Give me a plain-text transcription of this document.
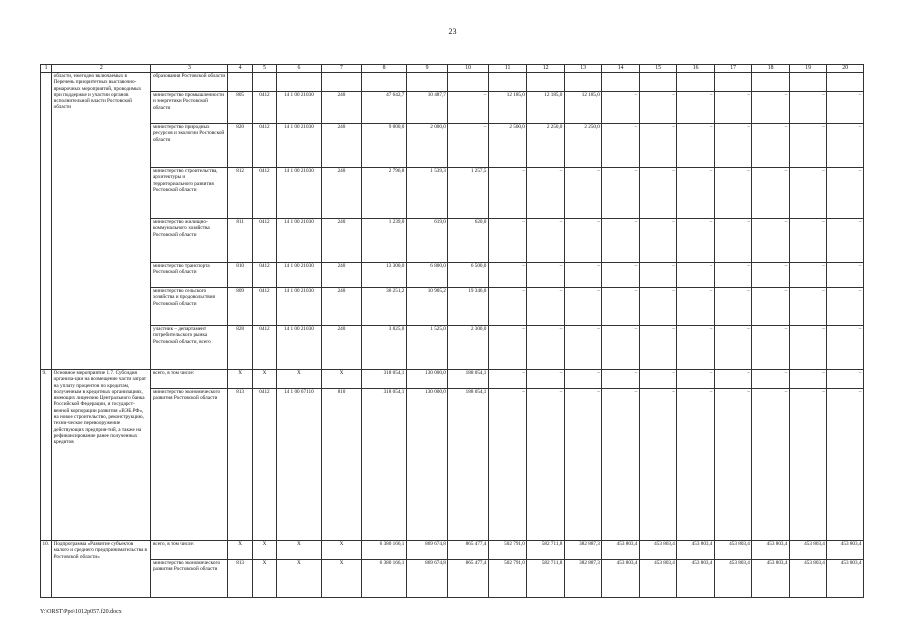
23
1	2	3	4	5	6	7	8	9	10	11	12	13	14	15	16	17	18	19	20
	области, ежегодно включаемых в Перечень приоритетных выставочно-ярмарочных мероприятий, проводимых при поддержке и участии органов исполнительной власти Ростовской области	образования Ростовской области																	
		министерство промышленности и энергетики Ростовской области	805	0412	14 1 00 21030	240	47 642,7	10 487,7	–	12 185,0	12 185,0	12 185,0	–	–	–	–	–	–	–
		министерство природных ресурсов и экологии Ростовской области	820	0412	14 1 00 21030	240	9 000,0	2 000,0	–	2 500,0	2 250,0	2 250,0	–	–	–	–	–	–	–
		министерство строительства, архитектуры и территориального развития Ростовской области	812	0412	14 1 00 21030	240	2 796,8	1 539,3	1 257,5	–	–	–	–	–	–	–	–	–	–
		министерство жилищно-коммунального хозяйства Ростовской области	811	0412	14 1 00 21030	240	1 239,0	619,0	620,0	–	–	–	–	–	–	–	–	–	–
		министерство транспорта Ростовской области	810	0412	14 1 00 21030	240	13 300,0	6 800,0	6 500,0	–	–	–	–	–	–	–	–	–	–
		министерство сельского хозяйства и продовольствия Ростовской области	809	0412	14 1 00 21030	240	30 251,2	10 905,2	19 346,0	–	–	–	–	–	–	–	–	–	–
		участник – департамент потребительского рынка Ростовской области, всего	828	0412	14 1 00 21030	240	3 825,0	1 525,0	2 300,0	–	–	–	–	–	–	–	–	–	–
9.	Основное мероприятие 1.7. Субсидия организа-ции на возмещение части затрат на уплату процентов по кредитам, полученным в кредитных организациях, имеющих лицензию Центрального банка Российской Федерации, и государст-венной корпорации развития «ВЭБ.РФ», на новое строительство, реконструкцию, техни-ческое перевооружение действующих предприя-тий, а также на рефинансирование ранее полученных кредитов	всего, в том числе:	X	X	X	X	318 054,1	130 000,0	188 054,1	–	–	–	–	–	–	–	–	–	–
		министерство экономического развития Ростовской области	813	0412	14 1 00 67110	810	318 054,1	130 000,0	188 054,1	–	–	–	–	–	–	–	–	–	–
10.	Подпрограмма «Развитие субъектов малого и среднего предпринимательства в Ростовской области»	всего, в том числе:	X	X	X	X	6 380 166,1	869 674,8	865 477,4	502 791,0	582 711,8	382 887,3	453 803,4	453 803,4	453 803,4	453 803,4	453 803,4	453 803,4	453 803,4
		министерство экономического развития Ростовской области	813	X	X	X	6 380 166,1	869 674,8	865 477,4	502 791,0	582 711,8	382 887,3	453 803,4	453 803,4	453 803,4	453 803,4	453 803,4	453 803,4	453 803,4
Y:\ORST\Ppo\1012p057.f20.docx
